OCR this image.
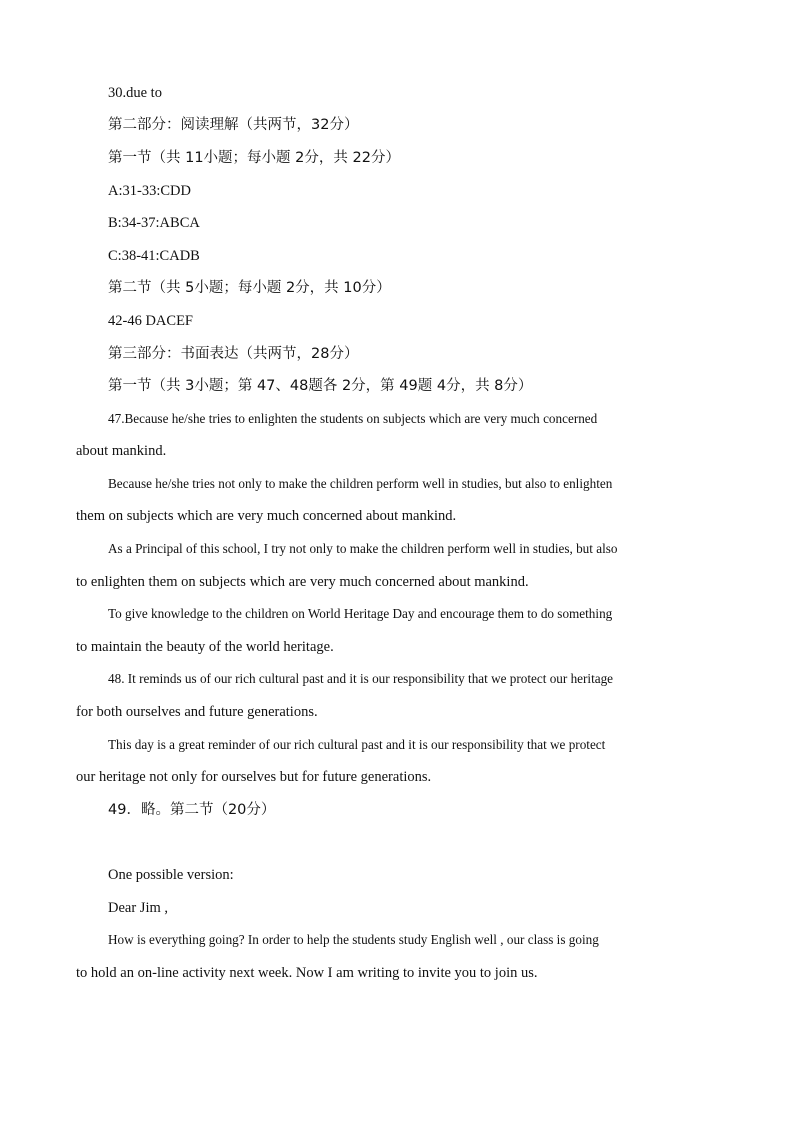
30.due to
第二部分：阅读理解（共两节，32分）
第一节（共 11小题；每小题 2分，共 22分）
A:31-33:CDD
B:34-37:ABCA
C:38-41:CADB
第二节（共 5小题；每小题 2分，共 10分）
42-46 DACEF
第三部分：书面表达（共两节，28分）
第一节（共 3小题；第 47、48题各 2分，第 49题 4分，共 8分）
47.Because he/she tries to enlighten the students on subjects which are very much concerned
about mankind.
Because he/she tries not only to make the children perform well in studies, but also to enlighten
them on subjects which are very much concerned about mankind.
As a Principal of this school, I try not only to make the children perform well in studies, but also
to enlighten them on subjects which are very much concerned about mankind.
To give knowledge to the children on World Heritage Day and encourage them to do something
to maintain the beauty of the world heritage.
48. It reminds us of our rich cultural past and it is our responsibility that we protect our heritage
for both ourselves and future generations.
This day is a great reminder of our rich cultural past and it is our responsibility that we protect
our heritage not only for ourselves but for future generations.
49．略。第二节（20分）
One possible version:
Dear Jim ,
How is everything going? In order to help the students study English well , our class is going
to hold an on-line activity next week. Now I am writing to invite you to join us.
